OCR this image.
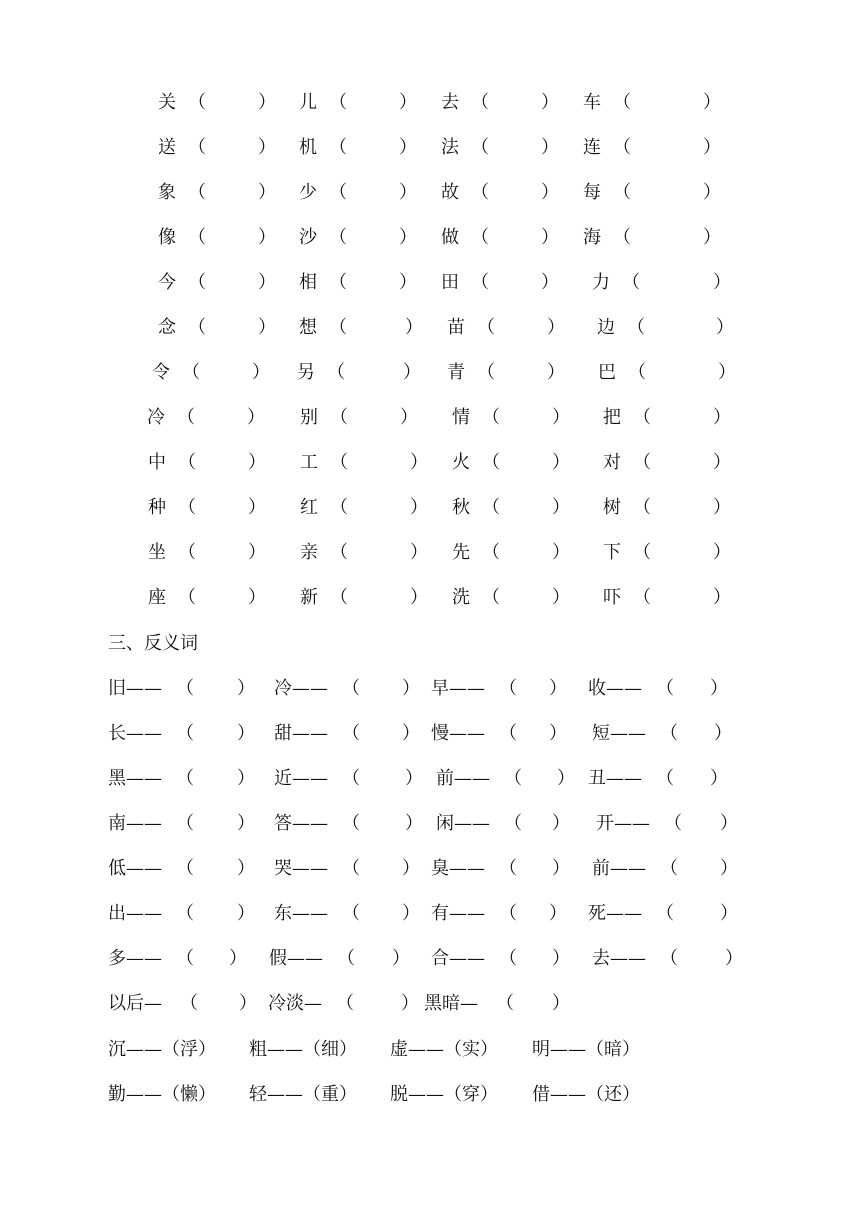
关 （	） 儿 （	） 去 （	） 车 （	）
送 （	） 机 （	） 法 （	） 连 （	）
象 （	） 少 （	） 故 （	） 每 （	）
像 （	） 沙 （	） 做 （	） 海 （	）
今 （	） 相 （	） 田 （	） 力 （	）
念 （	） 想 （	） 苗 （	） 边 （	）
令 （	） 另 （	） 青 （	） 巴 （	）
冷 （	） 别 （	） 情 （	） 把 （	）
中 （	） 工 （	） 火 （	） 对 （	）
种 （	） 红 （	） 秋 （	） 树 （	）
坐 （	） 亲 （	） 先 （	） 下 （	）
座 （	） 新 （	） 洗 （	） 吓 （	）
三、反义词
旧—— （ ） 冷—— （ ） 早—— （ ） 收—— （ ）
长—— （ ） 甜—— （ ） 慢—— （ ） 短—— （ ）
黑—— （ ） 近—— （	） 前—— （ ） 丑—— （ ）
南—— （ ） 答—— （	） 闲—— （ ） 开—— （ ）
低—— （ ） 哭—— （ ） 臭—— （ ） 前—— （ ）
出—— （ ） 东—— （ ） 有—— （ ） 死—— （	）
多—— （ ） 假—— （ ） 合—— （ ） 去—— （	）
以后— （ ） 冷淡— （	） 黑暗— （ ）
沉——（浮） 粗——（细） 虚——（实） 明——（暗）
勤——（懒） 轻——（重） 脱——（穿） 借——（还）
